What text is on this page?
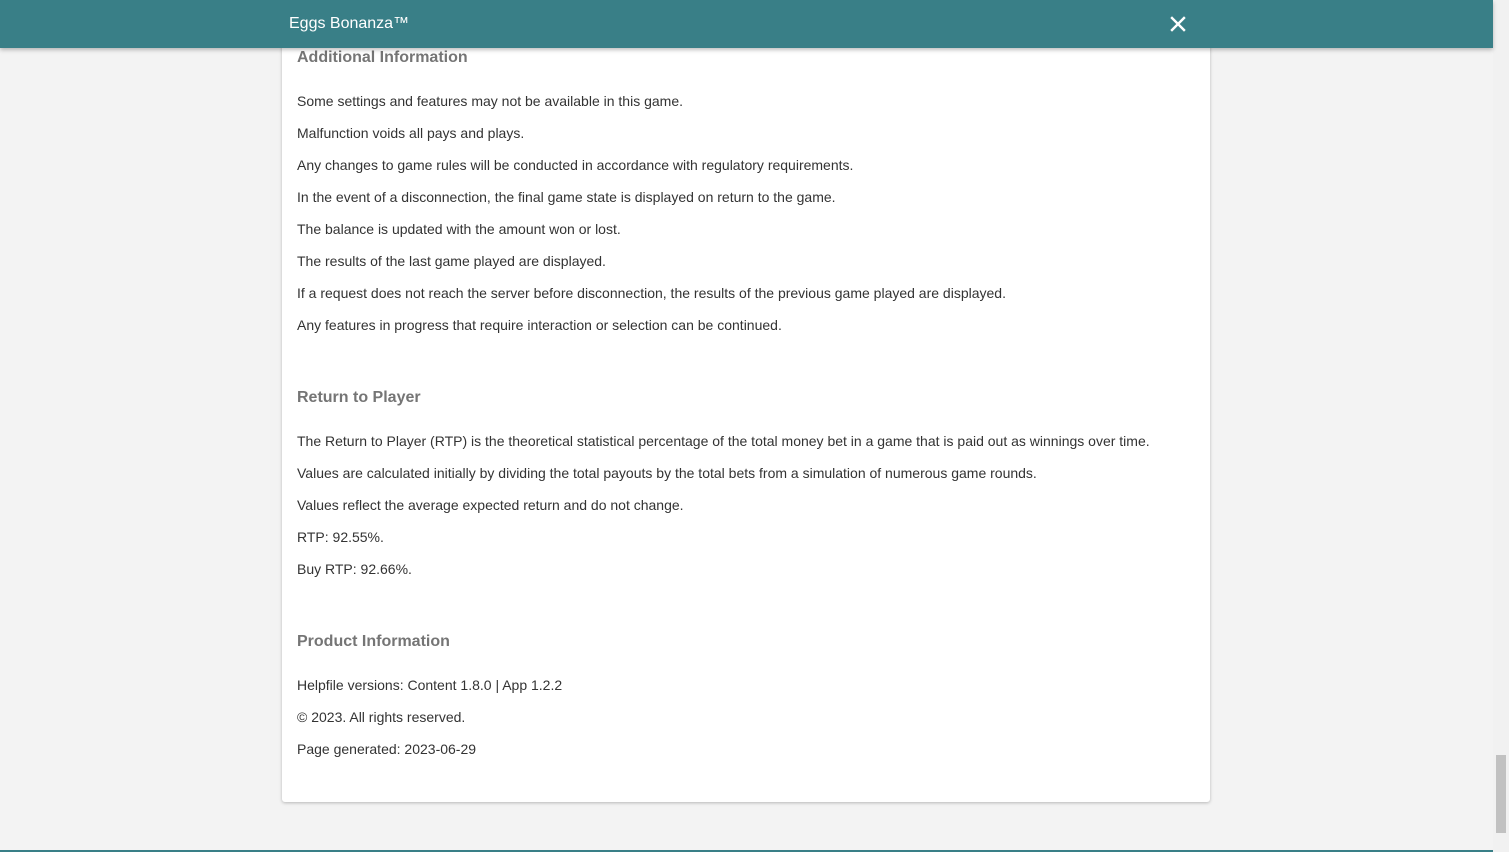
Additional Information
Some settings and features may not be available in this game.
Malfunction voids all pays and plays.
Any changes to game rules will be conducted in accordance with regulatory requirements.
In the event of a disconnection, the final game state is displayed on return to the game.
The balance is updated with the amount won or lost.
The results of the last game played are displayed.
If a request does not reach the server before disconnection, the results of the previous game played are displayed.
Any features in progress that require interaction or selection can be continued.
Return to Player
The Return to Player (RTP) is the theoretical statistical percentage of the total money bet in a game that is paid out as winnings over time.
Values are calculated initially by dividing the total payouts by the total bets from a simulation of numerous game rounds.
Values reflect the average expected return and do not change.
RTP: 92.55%.
Buy RTP: 92.66%.
Product Information
Helpfile versions: Content 1.8.0 | App 1.2.2
© 2023. All rights reserved.
Page generated: 2023-06-29
Eggs Bonanza™
